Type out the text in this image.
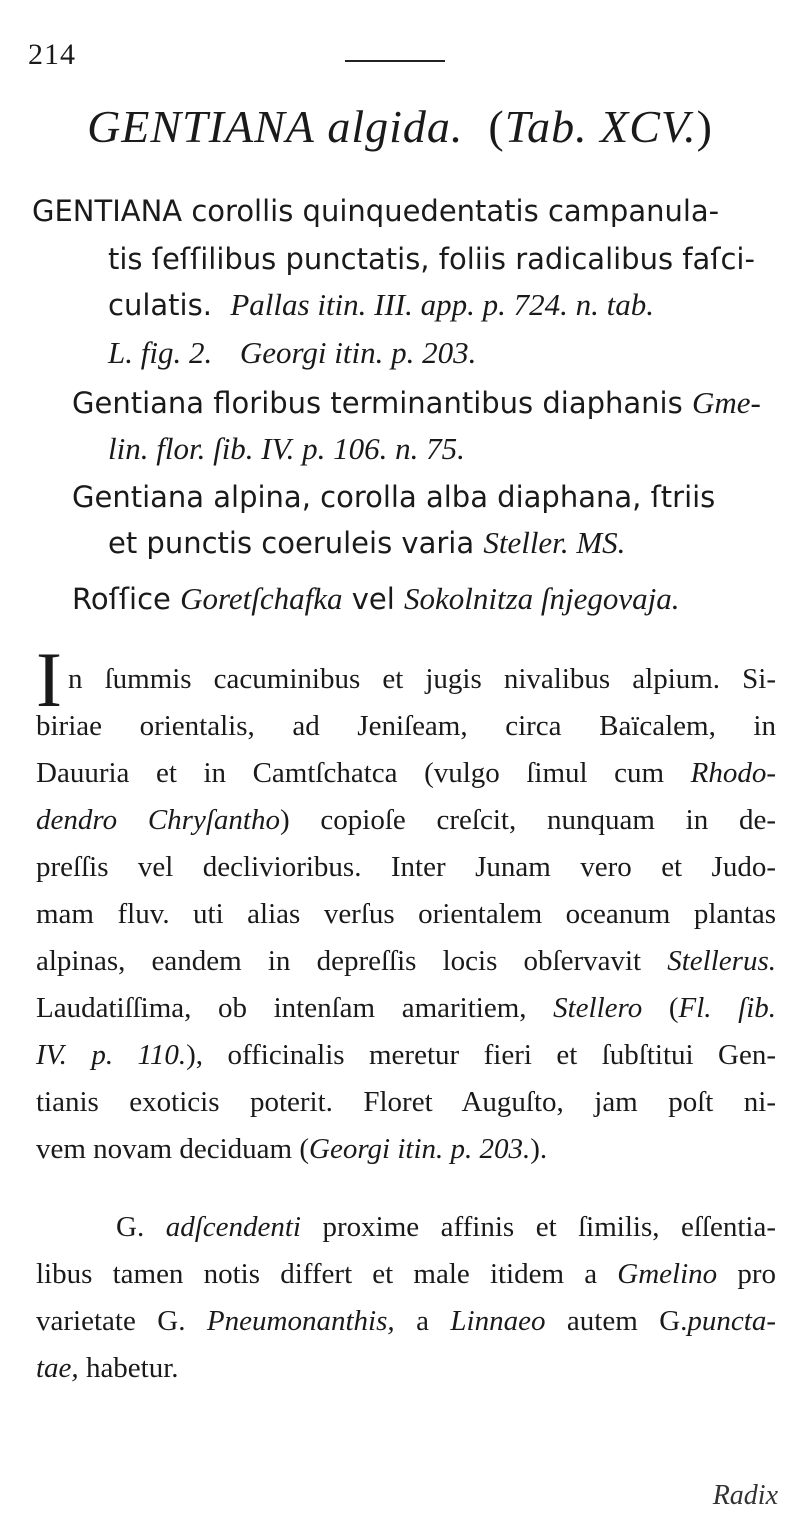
214
GENTIANA algida. (Tab. XCV.)
GENTIANA corollis quinquedentatis campanula-
tis ſeſſilibus punctatis, foliis radicalibus faſci-
culatis. Pallas itin. III. app. p. 724. n. tab.
L. fig. 2. Georgi itin. p. 203.
Gentiana floribus terminantibus diaphanis Gme-
lin. flor. ſib. IV. p. 106. n. 75.
Gentiana alpina, corolla alba diaphana, ſtriis
et punctis coeruleis varia Steller. MS.
Roſſice Goretſchafka vel Sokolnitza ſnjegovaja.
I n ſummis cacuminibus et jugis nivalibus alpium. Si-
biriae orientalis, ad Jeniſeam, circa Baïcalem, in
Dauuria et in Camtſchatca (vulgo ſimul cum Rhodo-
dendro Chryſantho) copioſe creſcit, nunquam in de-
preſſis vel declivioribus. Inter Junam vero et Judo-
mam fluv. uti alias verſus orientalem oceanum plantas
alpinas, eandem in depreſſis locis obſervavit Stellerus.
Laudatiſſima, ob intenſam amaritiem, Stellero (Fl. ſib.
IV. p. 110.), officinalis meretur fieri et ſubſtitui Gen-
tianis exoticis poterit. Floret Auguſto, jam poſt ni-
vem novam deciduam (Georgi itin. p. 203.).
G. adſcendenti proxime affinis et ſimilis, eſſentia-
libus tamen notis differt et male itidem a Gmelino pro
varietate G. Pneumonanthis, a Linnaeo autem G.puncta-
tae, habetur.
Radix
